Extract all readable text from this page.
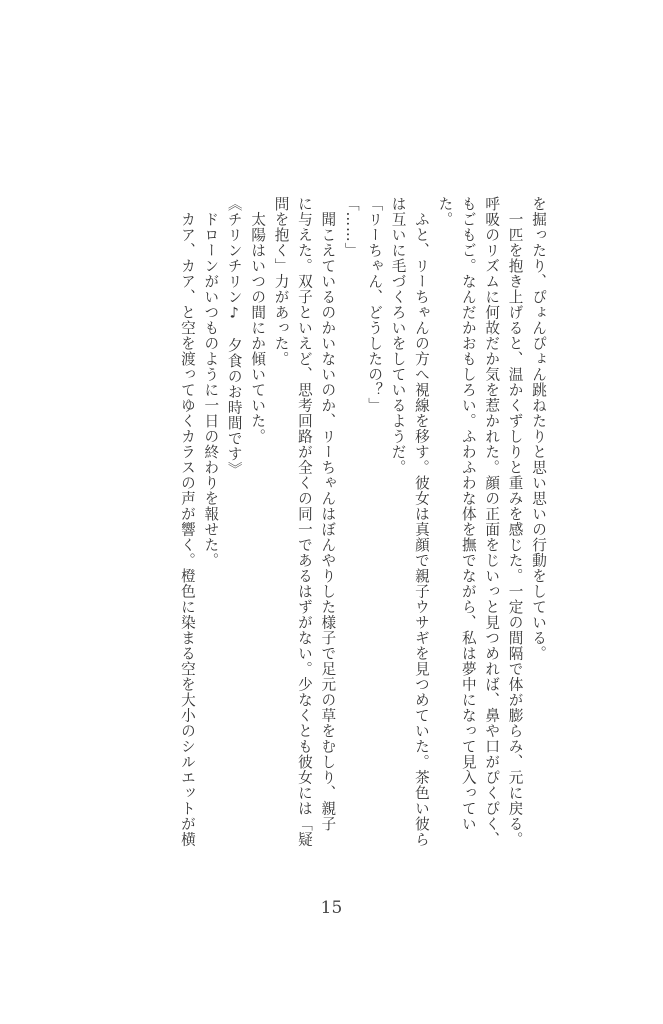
を掘ったり、ぴょんぴょん跳ねたりと思い思いの行動をしている。
　一匹を抱き上げると、温かくずしりと重みを感じた。一定の間隔で体が膨らみ、元に戻る。
呼吸のリズムに何故だか気を惹かれた。顔の正面をじいっと見つめれば、鼻や口がぴくぴく、
もごもご。なんだかおもしろい。ふわふわな体を撫でながら、私は夢中になって見入ってい
た。
　ふと、リーちゃんの方へ視線を移す。彼女は真顔で親子ウサギを見つめていた。茶色い彼ら
は互いに毛づくろいをしているようだ。
「リーちゃん、どうしたの？」
「……」
　聞こえているのかいないのか、リーちゃんはぼんやりした様子で足元の草をむしり、親子
に与えた。双子といえど、思考回路が全くの同一であるはずがない。少なくとも彼女には「疑
問を抱く」力があった。
　太陽はいつの間にか傾いていた。
《チリンチリン♪　夕食のお時間です》
　ドローンがいつものように一日の終わりを報せた。
　カア、カア、と空を渡ってゆくカラスの声が響く。橙色に染まる空を大小のシルエットが横
15
